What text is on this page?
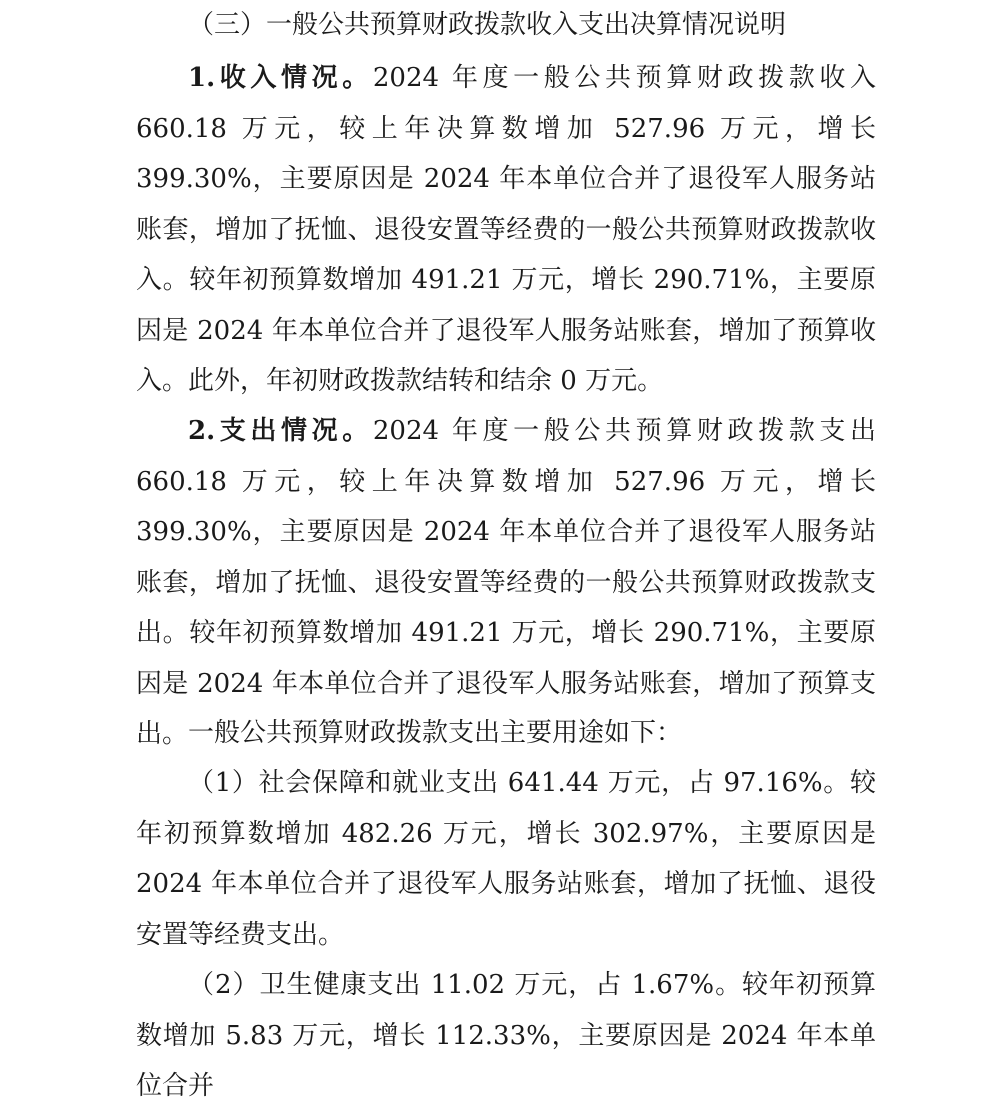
（三）一般公共预算财政拨款收入支出决算情况说明

1.收入情况。2024 年度一般公共预算财政拨款收入 660.18 万元，较上年决算数增加 527.96 万元，增长 399.30%，主要原因是 2024 年本单位合并了退役军人服务站账套，增加了抚恤、退役安置等经费的一般公共预算财政拨款收入。较年初预算数增加 491.21 万元，增长 290.71%，主要原因是 2024 年本单位合并了退役军人服务站账套，增加了预算收入。此外，年初财政拨款结转和结余 0 万元。

2.支出情况。2024 年度一般公共预算财政拨款支出 660.18 万元，较上年决算数增加 527.96 万元，增长 399.30%，主要原因是 2024 年本单位合并了退役军人服务站账套，增加了抚恤、退役安置等经费的一般公共预算财政拨款支出。较年初预算数增加 491.21 万元，增长 290.71%，主要原因是 2024 年本单位合并了退役军人服务站账套，增加了预算支出。 一般公共预算财政拨款支出主要用途如下：

（1）社会保障和就业支出 641.44 万元，占 97.16%。较年初预算数增加 482.26 万元，增长 302.97%，主要原因是 2024 年本单位合并了退役军人服务站账套，增加了抚恤、退役安置等经费支出。

（2）卫生健康支出 11.02 万元，占 1.67%。较年初预算数增加 5.83 万元，增长 112.33%，主要原因是 2024 年本单位合并
